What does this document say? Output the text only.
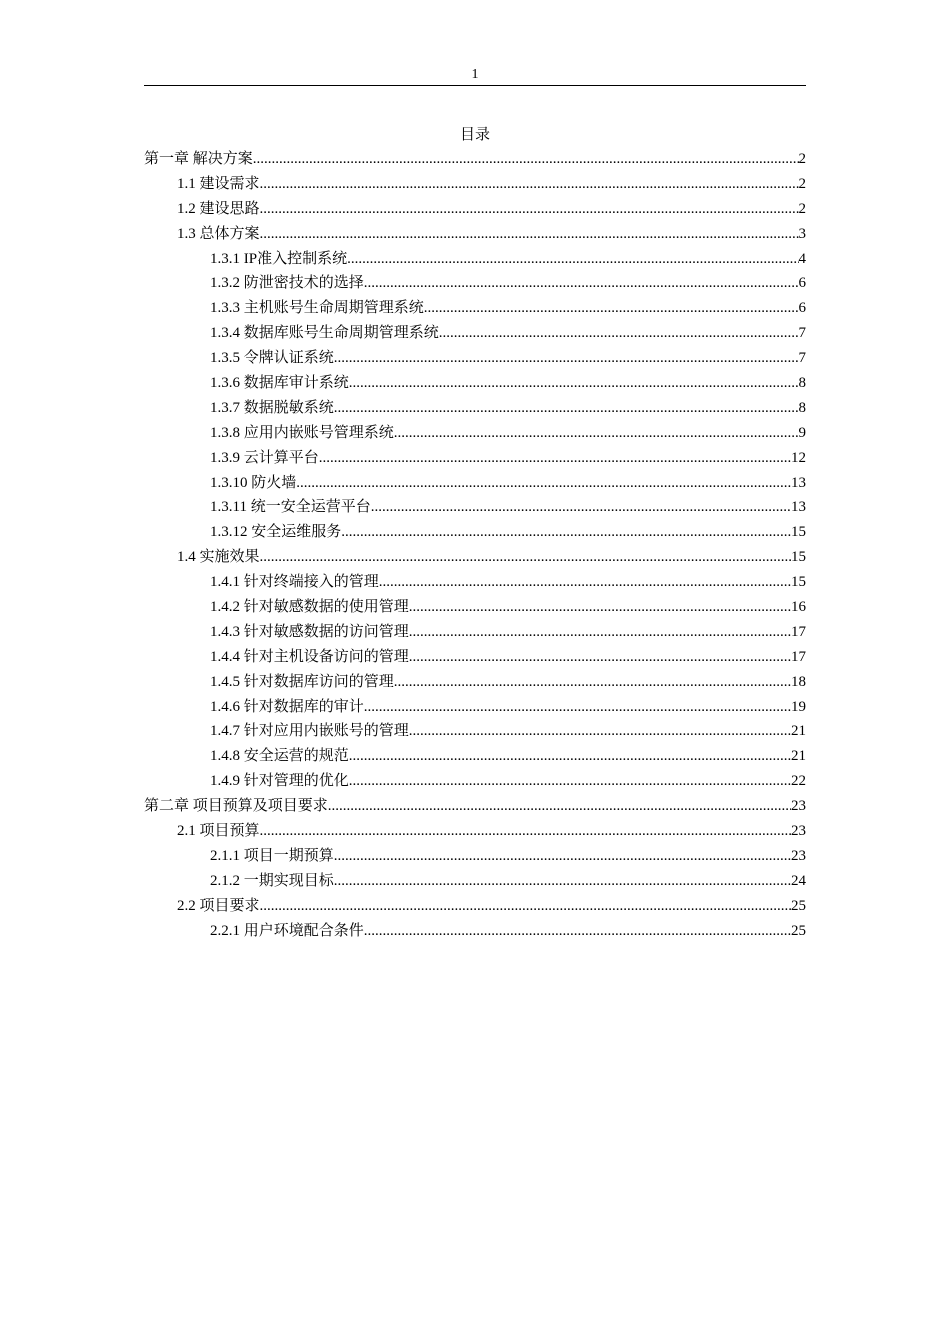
1
目录
第一章 解决方案 .....	2
1.1 建设需求 .....	2
1.2 建设思路 .....	2
1.3 总体方案 .....	3
1.3.1 IP准入控制系统 .....	4
1.3.2 防泄密技术的选择 .....	6
1.3.3 主机账号生命周期管理系统 .....	6
1.3.4 数据库账号生命周期管理系统 .....	7
1.3.5 令牌认证系统 .....	7
1.3.6 数据库审计系统 .....	8
1.3.7 数据脱敏系统 .....	8
1.3.8 应用内嵌账号管理系统 .....	9
1.3.9 云计算平台 .....	12
1.3.10 防火墙 .....	13
1.3.11 统一安全运营平台 .....	13
1.3.12 安全运维服务 .....	15
1.4 实施效果 .....	15
1.4.1 针对终端接入的管理 .....	15
1.4.2 针对敏感数据的使用管理 .....	16
1.4.3 针对敏感数据的访问管理 .....	17
1.4.4 针对主机设备访问的管理 .....	17
1.4.5 针对数据库访问的管理 .....	18
1.4.6 针对数据库的审计 .....	19
1.4.7 针对应用内嵌账号的管理 .....	21
1.4.8 安全运营的规范 .....	21
1.4.9 针对管理的优化 .....	22
第二章 项目预算及项目要求 .....	23
2.1 项目预算 .....	23
2.1.1 项目一期预算 .....	23
2.1.2 一期实现目标 .....	24
2.2 项目要求 .....	25
2.2.1 用户环境配合条件 .....	25
